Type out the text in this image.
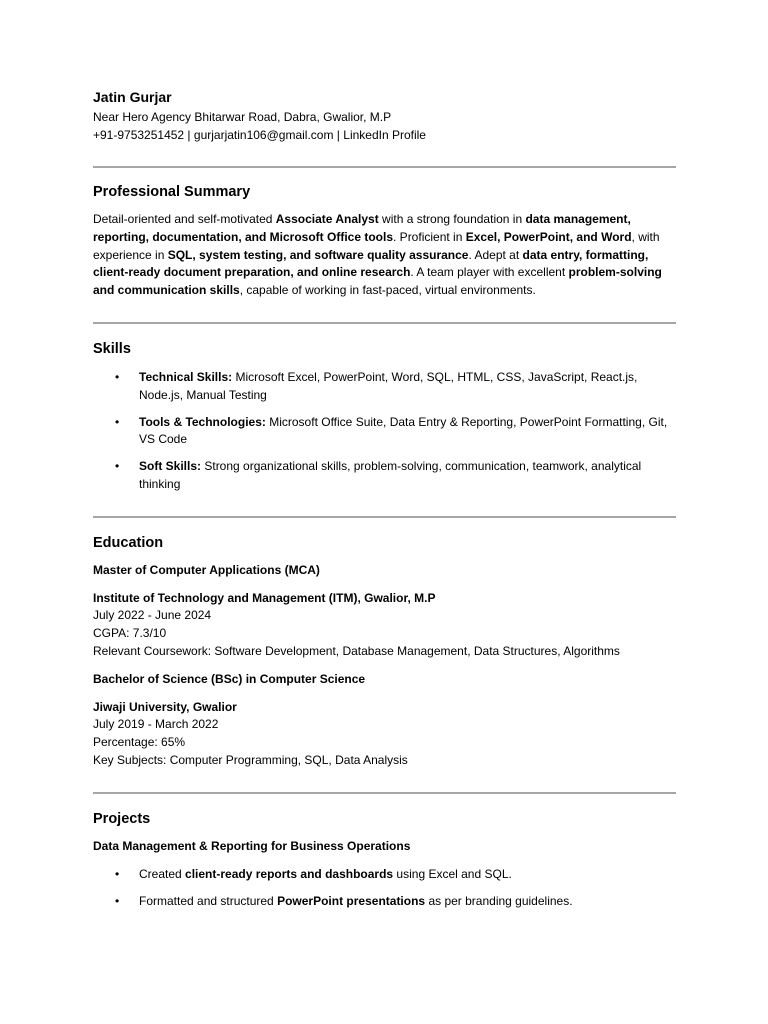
Jatin Gurjar

Near Hero Agency Bhitarwar Road, Dabra, Gwalior, M.P

+91-9753251452 | gurjarjatin106@gmail.com | LinkedIn Profile

Professional Summary

Detail-oriented and self-motivated Associate Analyst with a strong foundation in data management, reporting, documentation, and Microsoft Office tools. Proficient in Excel, PowerPoint, and Word, with experience in SQL, system testing, and software quality assurance. Adept at data entry, formatting, client-ready document preparation, and online research. A team player with excellent problem-solving and communication skills, capable of working in fast-paced, virtual environments.

Skills

• Technical Skills: Microsoft Excel, PowerPoint, Word, SQL, HTML, CSS, JavaScript, React.js, Node.js, Manual Testing
• Tools & Technologies: Microsoft Office Suite, Data Entry & Reporting, PowerPoint Formatting, Git, VS Code
• Soft Skills: Strong organizational skills, problem-solving, communication, teamwork, analytical thinking

Education

Master of Computer Applications (MCA)

Institute of Technology and Management (ITM), Gwalior, M.P

July 2022 - June 2024

CGPA: 7.3/10

Relevant Coursework: Software Development, Database Management, Data Structures, Algorithms

Bachelor of Science (BSc) in Computer Science

Jiwaji University, Gwalior

July 2019 - March 2022

Percentage: 65%

Key Subjects: Computer Programming, SQL, Data Analysis

Projects

Data Management & Reporting for Business Operations

• Created client-ready reports and dashboards using Excel and SQL.
• Formatted and structured PowerPoint presentations as per branding guidelines.
